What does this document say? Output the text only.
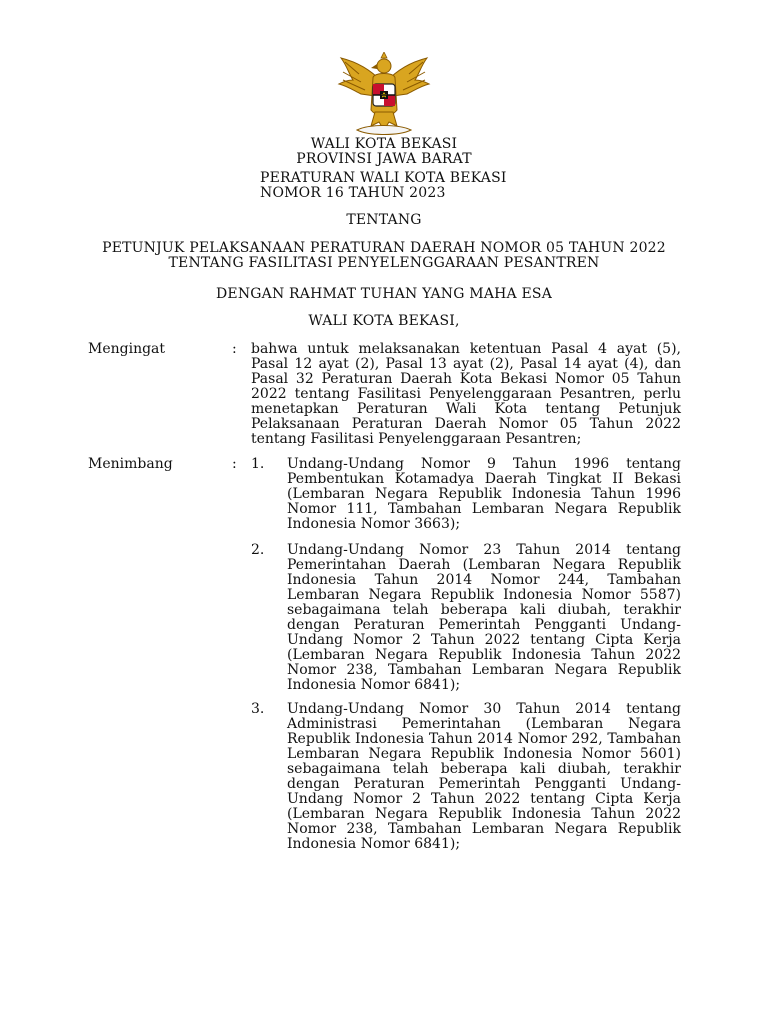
WALI KOTA BEKASI
PROVINSI JAWA BARAT
PERATURAN WALI KOTA BEKASI
NOMOR 16 TAHUN 2023
TENTANG
PETUNJUK PELAKSANAAN PERATURAN DAERAH NOMOR 05 TAHUN 2022
TENTANG FASILITASI PENYELENGGARAAN PESANTREN
DENGAN RAHMAT TUHAN YANG MAHA ESA
WALI KOTA BEKASI,
Mengingat	: bahwa untuk melaksanakan ketentuan Pasal 4 ayat (5), Pasal 12 ayat (2), Pasal 13 ayat (2), Pasal 14 ayat (4), dan Pasal 32 Peraturan Daerah Kota Bekasi Nomor 05 Tahun 2022 tentang Fasilitasi Penyelenggaraan Pesantren, perlu menetapkan Peraturan Wali Kota tentang Petunjuk Pelaksanaan Peraturan Daerah Nomor 05 Tahun 2022 tentang Fasilitasi Penyelenggaraan Pesantren;
Menimbang	: 1. Undang-Undang Nomor 9 Tahun 1996 tentang Pembentukan Kotamadya Daerah Tingkat II Bekasi (Lembaran Negara Republik Indonesia Tahun 1996 Nomor 111, Tambahan Lembaran Negara Republik Indonesia Nomor 3663);
2. Undang-Undang Nomor 23 Tahun 2014 tentang Pemerintahan Daerah (Lembaran Negara Republik Indonesia Tahun 2014 Nomor 244, Tambahan Lembaran Negara Republik Indonesia Nomor 5587) sebagaimana telah beberapa kali diubah, terakhir dengan Peraturan Pemerintah Pengganti Undang-Undang Nomor 2 Tahun 2022 tentang Cipta Kerja (Lembaran Negara Republik Indonesia Tahun 2022 Nomor 238, Tambahan Lembaran Negara Republik Indonesia Nomor 6841);
3. Undang-Undang Nomor 30 Tahun 2014 tentang Administrasi Pemerintahan (Lembaran Negara Republik Indonesia Tahun 2014 Nomor 292, Tambahan Lembaran Negara Republik Indonesia Nomor 5601) sebagaimana telah beberapa kali diubah, terakhir dengan Peraturan Pemerintah Pengganti Undang-Undang Nomor 2 Tahun 2022 tentang Cipta Kerja (Lembaran Negara Republik Indonesia Tahun 2022 Nomor 238, Tambahan Lembaran Negara Republik Indonesia Nomor 6841);
